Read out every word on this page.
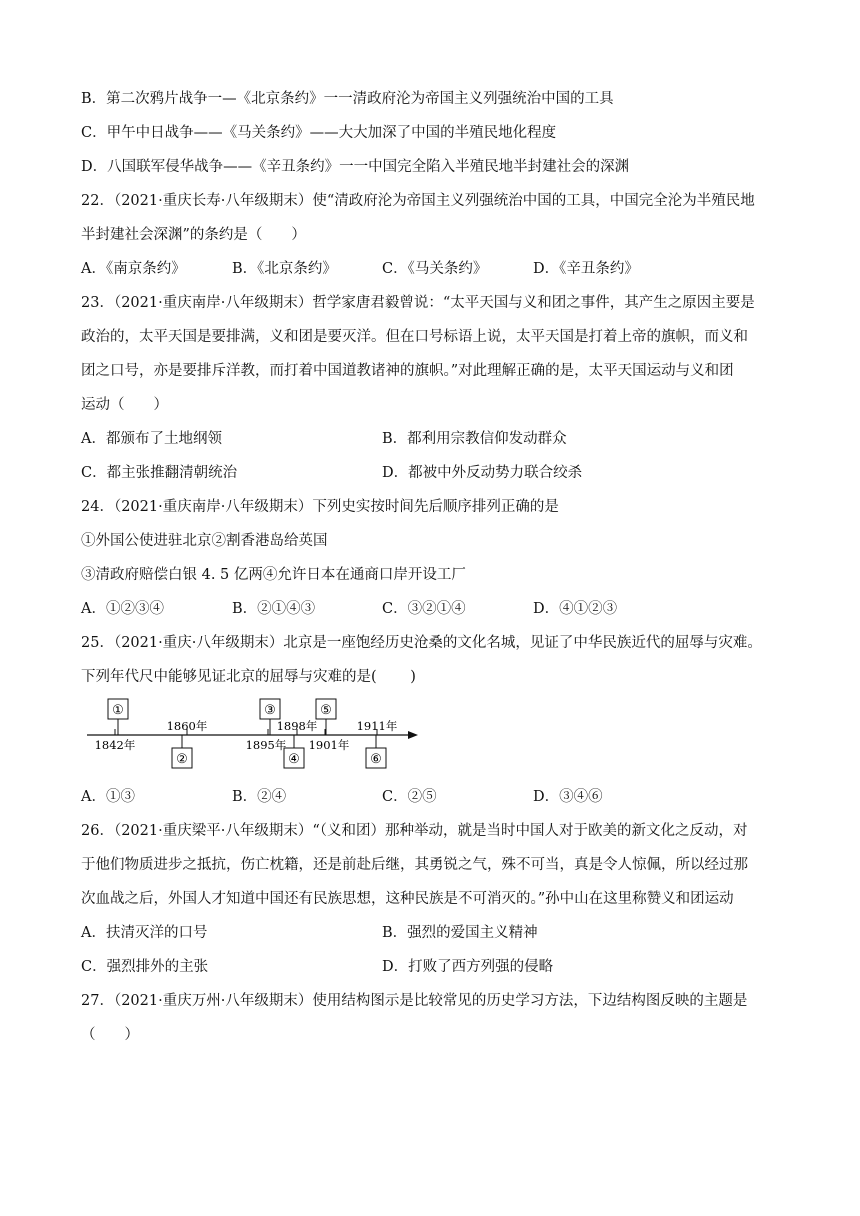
B．第二次鸦片战争一—《北京条约》一一清政府沦为帝国主义列强统治中国的工具
C．甲午中日战争——《马关条约》——大大加深了中国的半殖民地化程度
D．八国联军侵华战争——《辛丑条约》一一中国完全陷入半殖民地半封建社会的深渊
22．（2021·重庆长寿·八年级期末）使“清政府沦为帝国主义列强统治中国的工具，中国完全沦为半殖民地
半封建社会深渊”的条约是（　　）
A．《南京条约》	B．《北京条约》	C．《马关条约》	D．《辛丑条约》
23．（2021·重庆南岸·八年级期末）哲学家唐君毅曾说：“太平天国与义和团之事件，其产生之原因主要是
政治的，太平天国是要排满，义和团是要灭洋。但在口号标语上说，太平天国是打着上帝的旗帜，而义和
团之口号，亦是要排斥洋教，而打着中国道教诸神的旗帜。”对此理解正确的是，太平天国运动与义和团
运动（　　）
A．都颁布了土地纲领	B．都利用宗教信仰发动群众
C．都主张推翻清朝统治	D．都被中外反动势力联合绞杀
24．（2021·重庆南岸·八年级期末）下列史实按时间先后顺序排列正确的是
①外国公使进驻北京②割香港岛给英国
③清政府赔偿白银 4. 5 亿两④允许日本在通商口岸开设工厂
A．①②③④	B．②①④③	C．③②①④	D．④①②③
25．（2021·重庆·八年级期末）北京是一座饱经历史沧桑的文化名城，见证了中华民族近代的屈辱与灾难。
下列年代尺中能够见证北京的屈辱与灾难的是(　　 )
①	③	⑤
②	④	⑥
1842年
1860年
1895年
1898年
1901年
1911年
A．①③	B．②④	C．②⑤	D．③④⑥
26．（2021·重庆梁平·八年级期末）“（义和团）那种举动，就是当时中国人对于欧美的新文化之反动，对
于他们物质进步之抵抗，伤亡枕籍，还是前赴后继，其勇锐之气，殊不可当，真是令人惊佩，所以经过那
次血战之后，外国人才知道中国还有民族思想，这种民族是不可消灭的。”孙中山在这里称赞义和团运动
A．扶清灭洋的口号	B．强烈的爱国主义精神
C．强烈排外的主张	D．打败了西方列强的侵略
27．（2021·重庆万州·八年级期末）使用结构图示是比较常见的历史学习方法，下边结构图反映的主题是
（　　）
